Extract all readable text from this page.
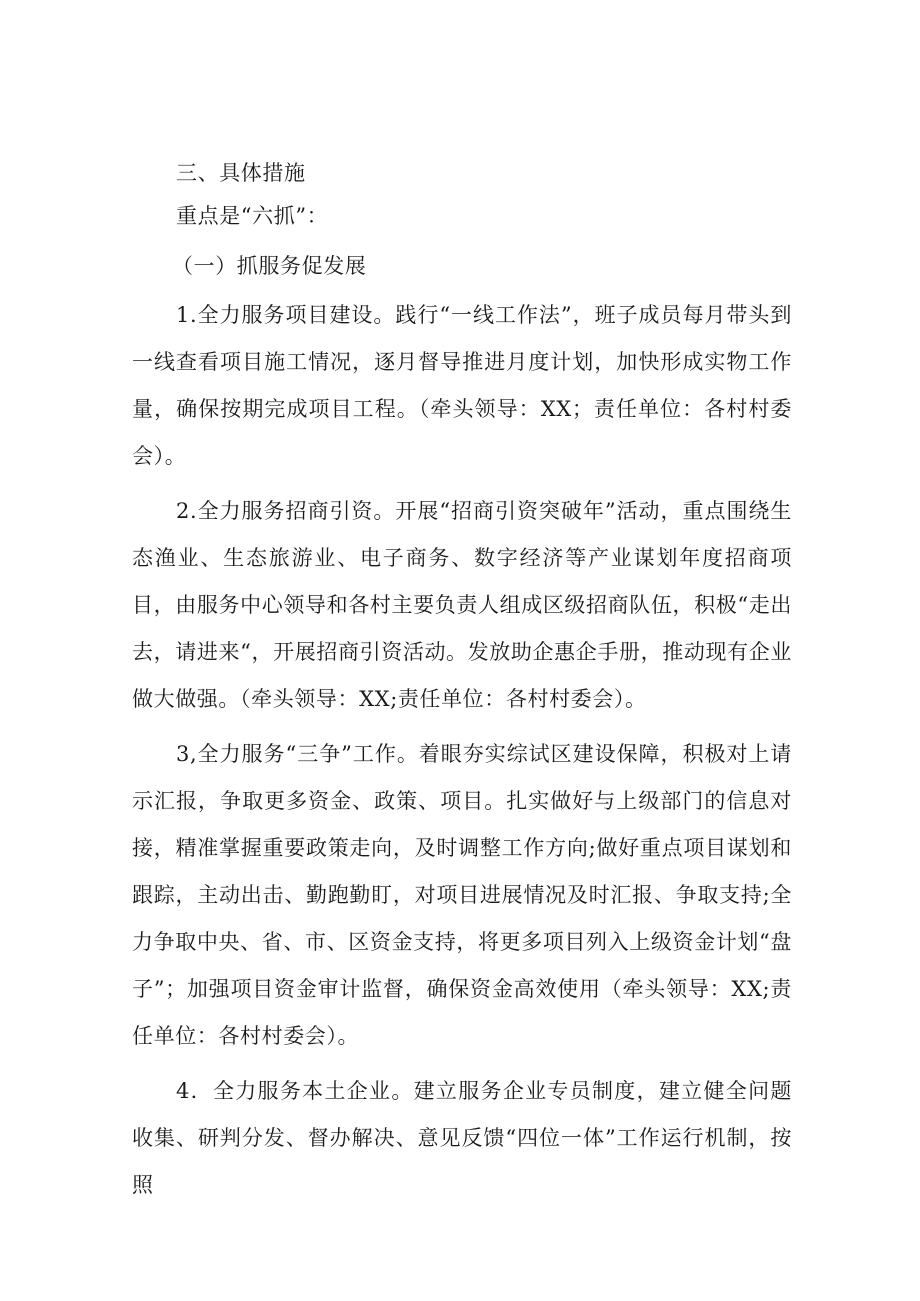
三、具体措施

重点是“六抓”：

（一）抓服务促发展

1.全力服务项目建设。践行“一线工作法”，班子成员每月带头到一线查看项目施工情况，逐月督导推进月度计划，加快形成实物工作量，确保按期完成项目工程。（牵头领导：XX；责任单位：各村村委会）。

2.全力服务招商引资。开展“招商引资突破年”活动，重点围绕生态渔业、生态旅游业、电子商务、数字经济等产业谋划年度招商项目，由服务中心领导和各村主要负责人组成区级招商队伍，积极“走出去，请进来“，开展招商引资活动。发放助企惠企手册，推动现有企业做大做强。（牵头领导：XX;责任单位：各村村委会）。

3,全力服务“三争”工作。着眼夯实综试区建设保障，积极对上请示汇报，争取更多资金、政策、项目。扎实做好与上级部门的信息对接，精准掌握重要政策走向，及时调整工作方向;做好重点项目谋划和跟踪，主动出击、勤跑勤盯，对项目进展情况及时汇报、争取支持;全力争取中央、省、市、区资金支持，将更多项目列入上级资金计划“盘子”；加强项目资金审计监督，确保资金高效使用（牵头领导：XX;责任单位：各村村委会）。

4．全力服务本土企业。建立服务企业专员制度，建立健全问题收集、研判分发、督办解决、意见反馈“四位一体”工作运行机制，按照
